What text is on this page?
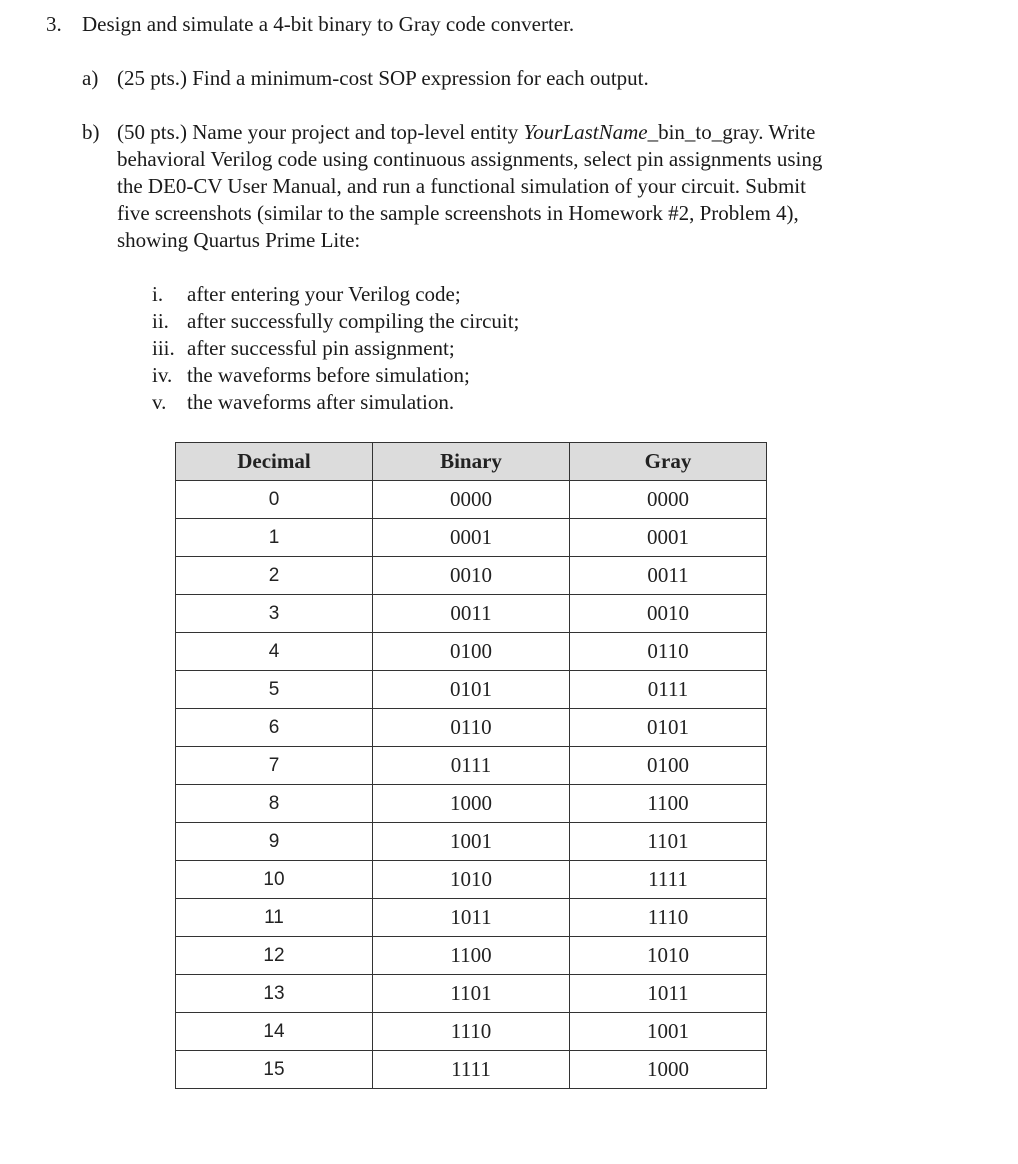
3. Design and simulate a 4-bit binary to Gray code converter.
a) (25 pts.) Find a minimum-cost SOP expression for each output.
b) (50 pts.) Name your project and top-level entity YourLastName_bin_to_gray. Write
behavioral Verilog code using continuous assignments, select pin assignments using
the DE0-CV User Manual, and run a functional simulation of your circuit. Submit
five screenshots (similar to the sample screenshots in Homework #2, Problem 4),
showing Quartus Prime Lite:
i. after entering your Verilog code;
ii. after successfully compiling the circuit;
iii. after successful pin assignment;
iv. the waveforms before simulation;
v. the waveforms after simulation.
Decimal	Binary	Gray
0	0000	0000
1	0001	0001
2	0010	0011
3	0011	0010
4	0100	0110
5	0101	0111
6	0110	0101
7	0111	0100
8	1000	1100
9	1001	1101
10	1010	1111
11	1011	1110
12	1100	1010
13	1101	1011
14	1110	1001
15	1111	1000
